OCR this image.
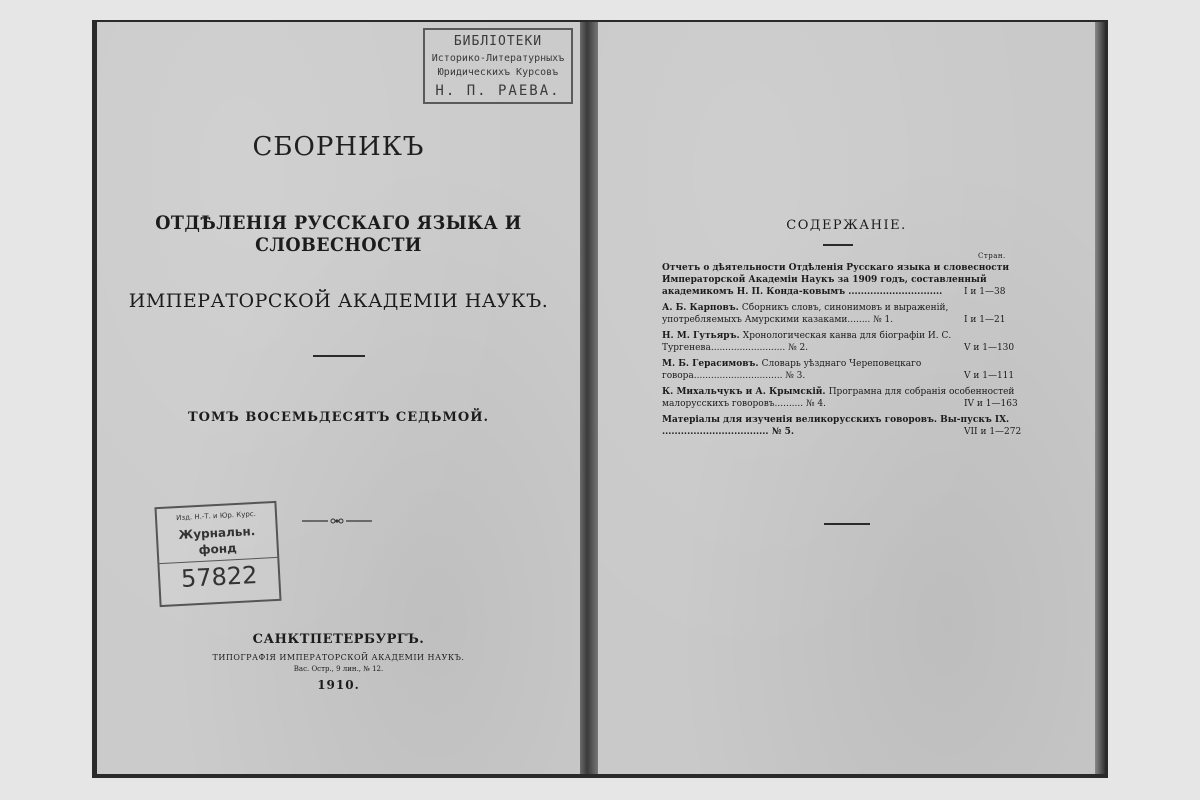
БИБЛIОТЕКИ
Историко-Литературныхъ
Юридическихъ Курсовъ
Н. П. РАЕВА.
СБОРНИКЪ
ОТДѢЛЕНIЯ РУССКАГО ЯЗЫКА И СЛОВЕСНОСТИ
ИМПЕРАТОРСКОЙ АКАДЕМIИ НАУКЪ.
ТОМЪ ВОСЕМЬДЕСЯТЪ СЕДЬМОЙ.
Изд. Н.-Т. и Юр. Курс.
Журнальн.
фонд
57822
САНКТПЕТЕРБУРГЪ.
ТИПОГРАФIЯ ИМПЕРАТОРСКОЙ АКАДЕМIИ НАУКЪ.
Вас. Остр., 9 лин., № 12.
1910.
СОДЕРЖАНIЕ.
Стран.
Отчетъ о дѣятельности Отдѣленiя Русскаго языка и словесности Императорской Академiи Наукъ за 1909 годъ, составленный академикомъ Н. П. Конда-ковымъ .............................. I и 1—38
А. Б. Карповъ. Сборникъ словъ, синонимовъ и выраженiй, употребляемыхъ Амурскими казаками........ № 1.	I и 1—21
Н. М. Гутьяръ. Хронологическая канва для бiографiи И. С. Тургенева.......................... № 2.	V и 1—130
М. Б. Герасимовъ. Словарь уѣзднаго Череповецкаго говора............................... № 3.	V и 1—111
К. Михальчукъ и А. Крымскiй. Програмна для собранiя особенностей малорусскихъ говоровъ.......... № 4.	IV и 1—163
Матерiалы для изученiя великорусскихъ говоровъ. Вы-пускъ IX. .................................. № 5.	VII и 1—272
